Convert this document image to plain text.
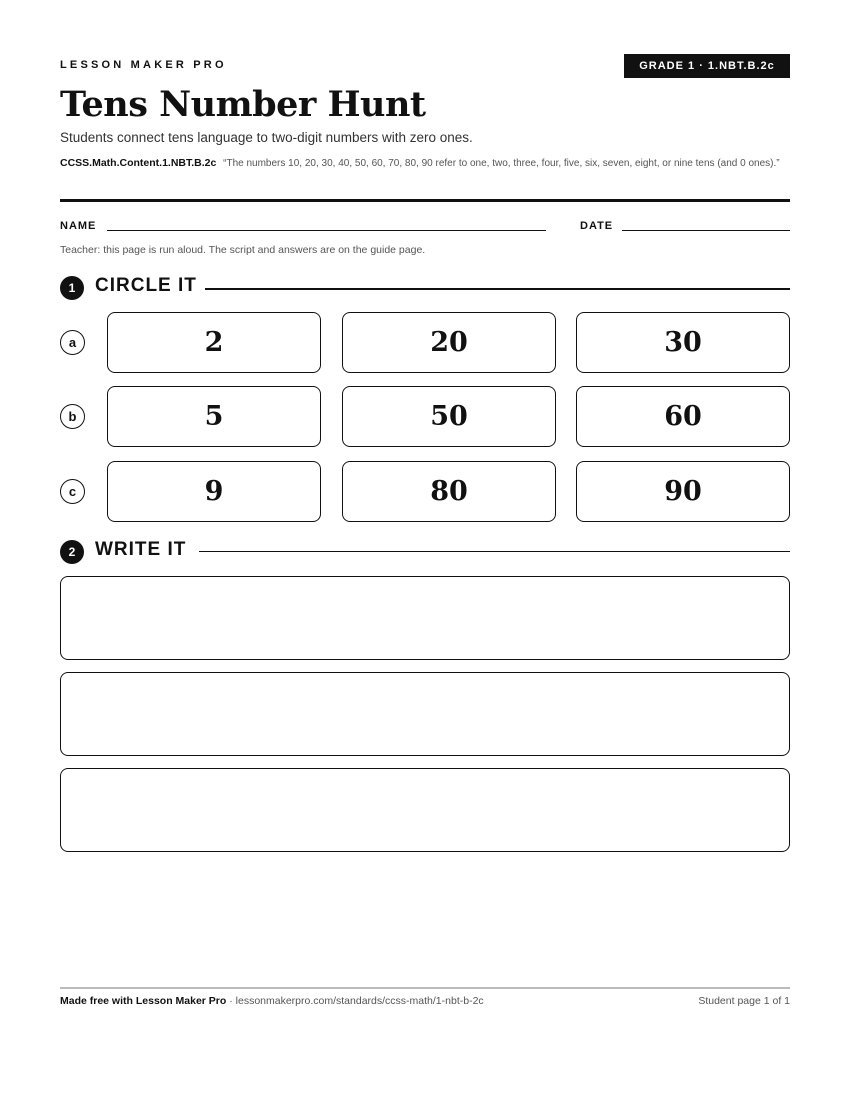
LESSON MAKER PRO	GRADE 1 · 1.NBT.B.2c
Tens Number Hunt
Students connect tens language to two-digit numbers with zero ones.
CCSS.Math.Content.1.NBT.B.2c “The numbers 10, 20, 30, 40, 50, 60, 70, 80, 90 refer to one, two, three, four, five, six, seven, eight, or nine tens (and 0 ones).”
NAME	DATE
Teacher: this page is run aloud. The script and answers are on the guide page.
1	CIRCLE IT
a	2	20	30
b	5	50	60
c	9	80	90
2	WRITE IT
Made free with Lesson Maker Pro · lessonmakerpro.com/standards/ccss-math/1-nbt-b-2c	Student page 1 of 1
